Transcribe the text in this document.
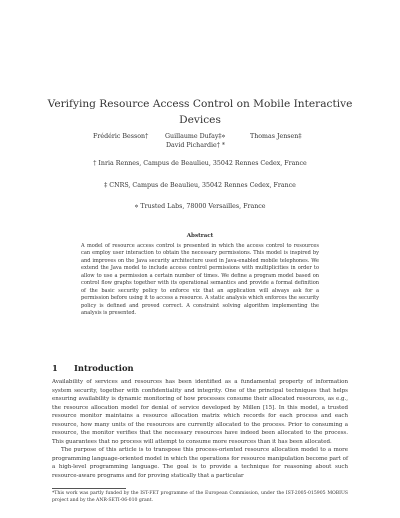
Verifying Resource Access Control on Mobile Interactive Devices
Frédéric Besson†	Guillaume Dufay‡⋄	Thomas Jensen‡
David Pichardie† *
† Inria Rennes, Campus de Beaulieu, 35042 Rennes Cedex, France
‡ CNRS, Campus de Beaulieu, 35042 Rennes Cedex, France
⋄ Trusted Labs, 78000 Versailles, France
Abstract
A model of resource access control is presented in which the access control to resources can employ user interaction to obtain the necessary permissions. This model is inspired by and improves on the Java security architecture used in Java-enabled mobile telephones. We extend the Java model to include access control permissions with multiplicities in order to allow to use a permission a certain number of times. We define a program model based on control flow graphs together with its operational semantics and provide a formal definition of the basic security policy to enforce viz that an application will always ask for a permission before using it to access a resource. A static analysis which enforces the security policy is defined and proved correct. A constraint solving algorithm implementing the analysis is presented.
1 Introduction

Availability of services and resources has been identified as a fundamental property of information system security, together with confidentiality and integrity. One of the principal techniques that helps ensuring availability is dynamic monitoring of how processes consume their allocated resources, as e.g., the resource allocation model for denial of service developed by Millen [15]. In this model, a trusted resource monitor maintains a resource allocation matrix which records for each process and each resource, how many units of the resources are currently allocated to the process. Prior to consuming a resource, the monitor verifies that the necessary resources have indeed been allocated to the process. This guarantees that no process will attempt to consume more resources than it has been allocated.

The purpose of this article is to transpose this process-oriented resource allocation model to a more programming language-oriented model in which the operations for resource manipulation become part of a high-level programming language. The goal is to provide a technique for reasoning about such resource-aware programs and for proving statically that a particular

*This work was partly funded by the IST-FET programme of the European Commission, under the IST-2005-015905 MOBIUS project and by the ANR-SETI-06-010 grant.
